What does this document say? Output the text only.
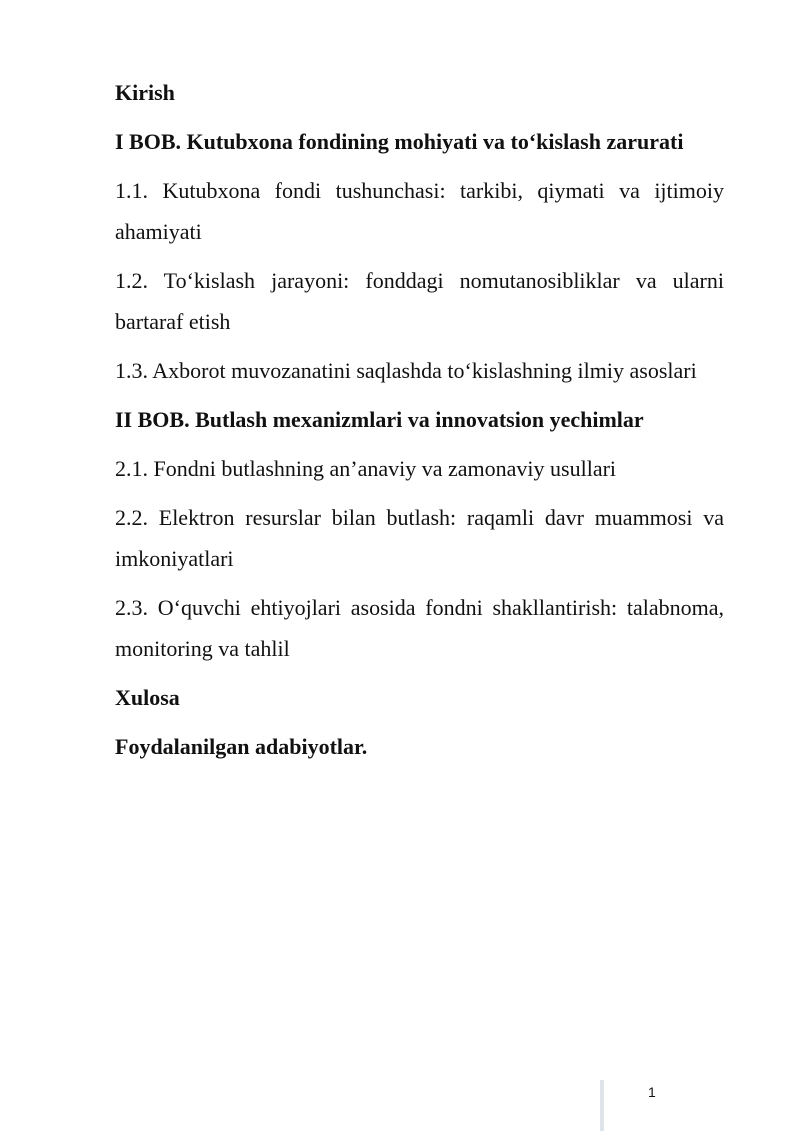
Kirish

I BOB. Kutubxona fondining mohiyati va to‘kislash zarurati

1.1. Kutubxona fondi tushunchasi: tarkibi, qiymati va ijtimoiy ahamiyati

1.2. To‘kislash jarayoni: fonddagi nomutanosibliklar va ularni bartaraf etish

1.3. Axborot muvozanatini saqlashda to‘kislashning ilmiy asoslari

II BOB. Butlash mexanizmlari va innovatsion yechimlar

2.1. Fondni butlashning an’anaviy va zamonaviy usullari

2.2. Elektron resurslar bilan butlash: raqamli davr muammosi va imkoniyatlari

2.3. O‘quvchi ehtiyojlari asosida fondni shakllantirish: talabnoma, monitoring va tahlil

Xulosa

Foydalanilgan adabiyotlar.

1
